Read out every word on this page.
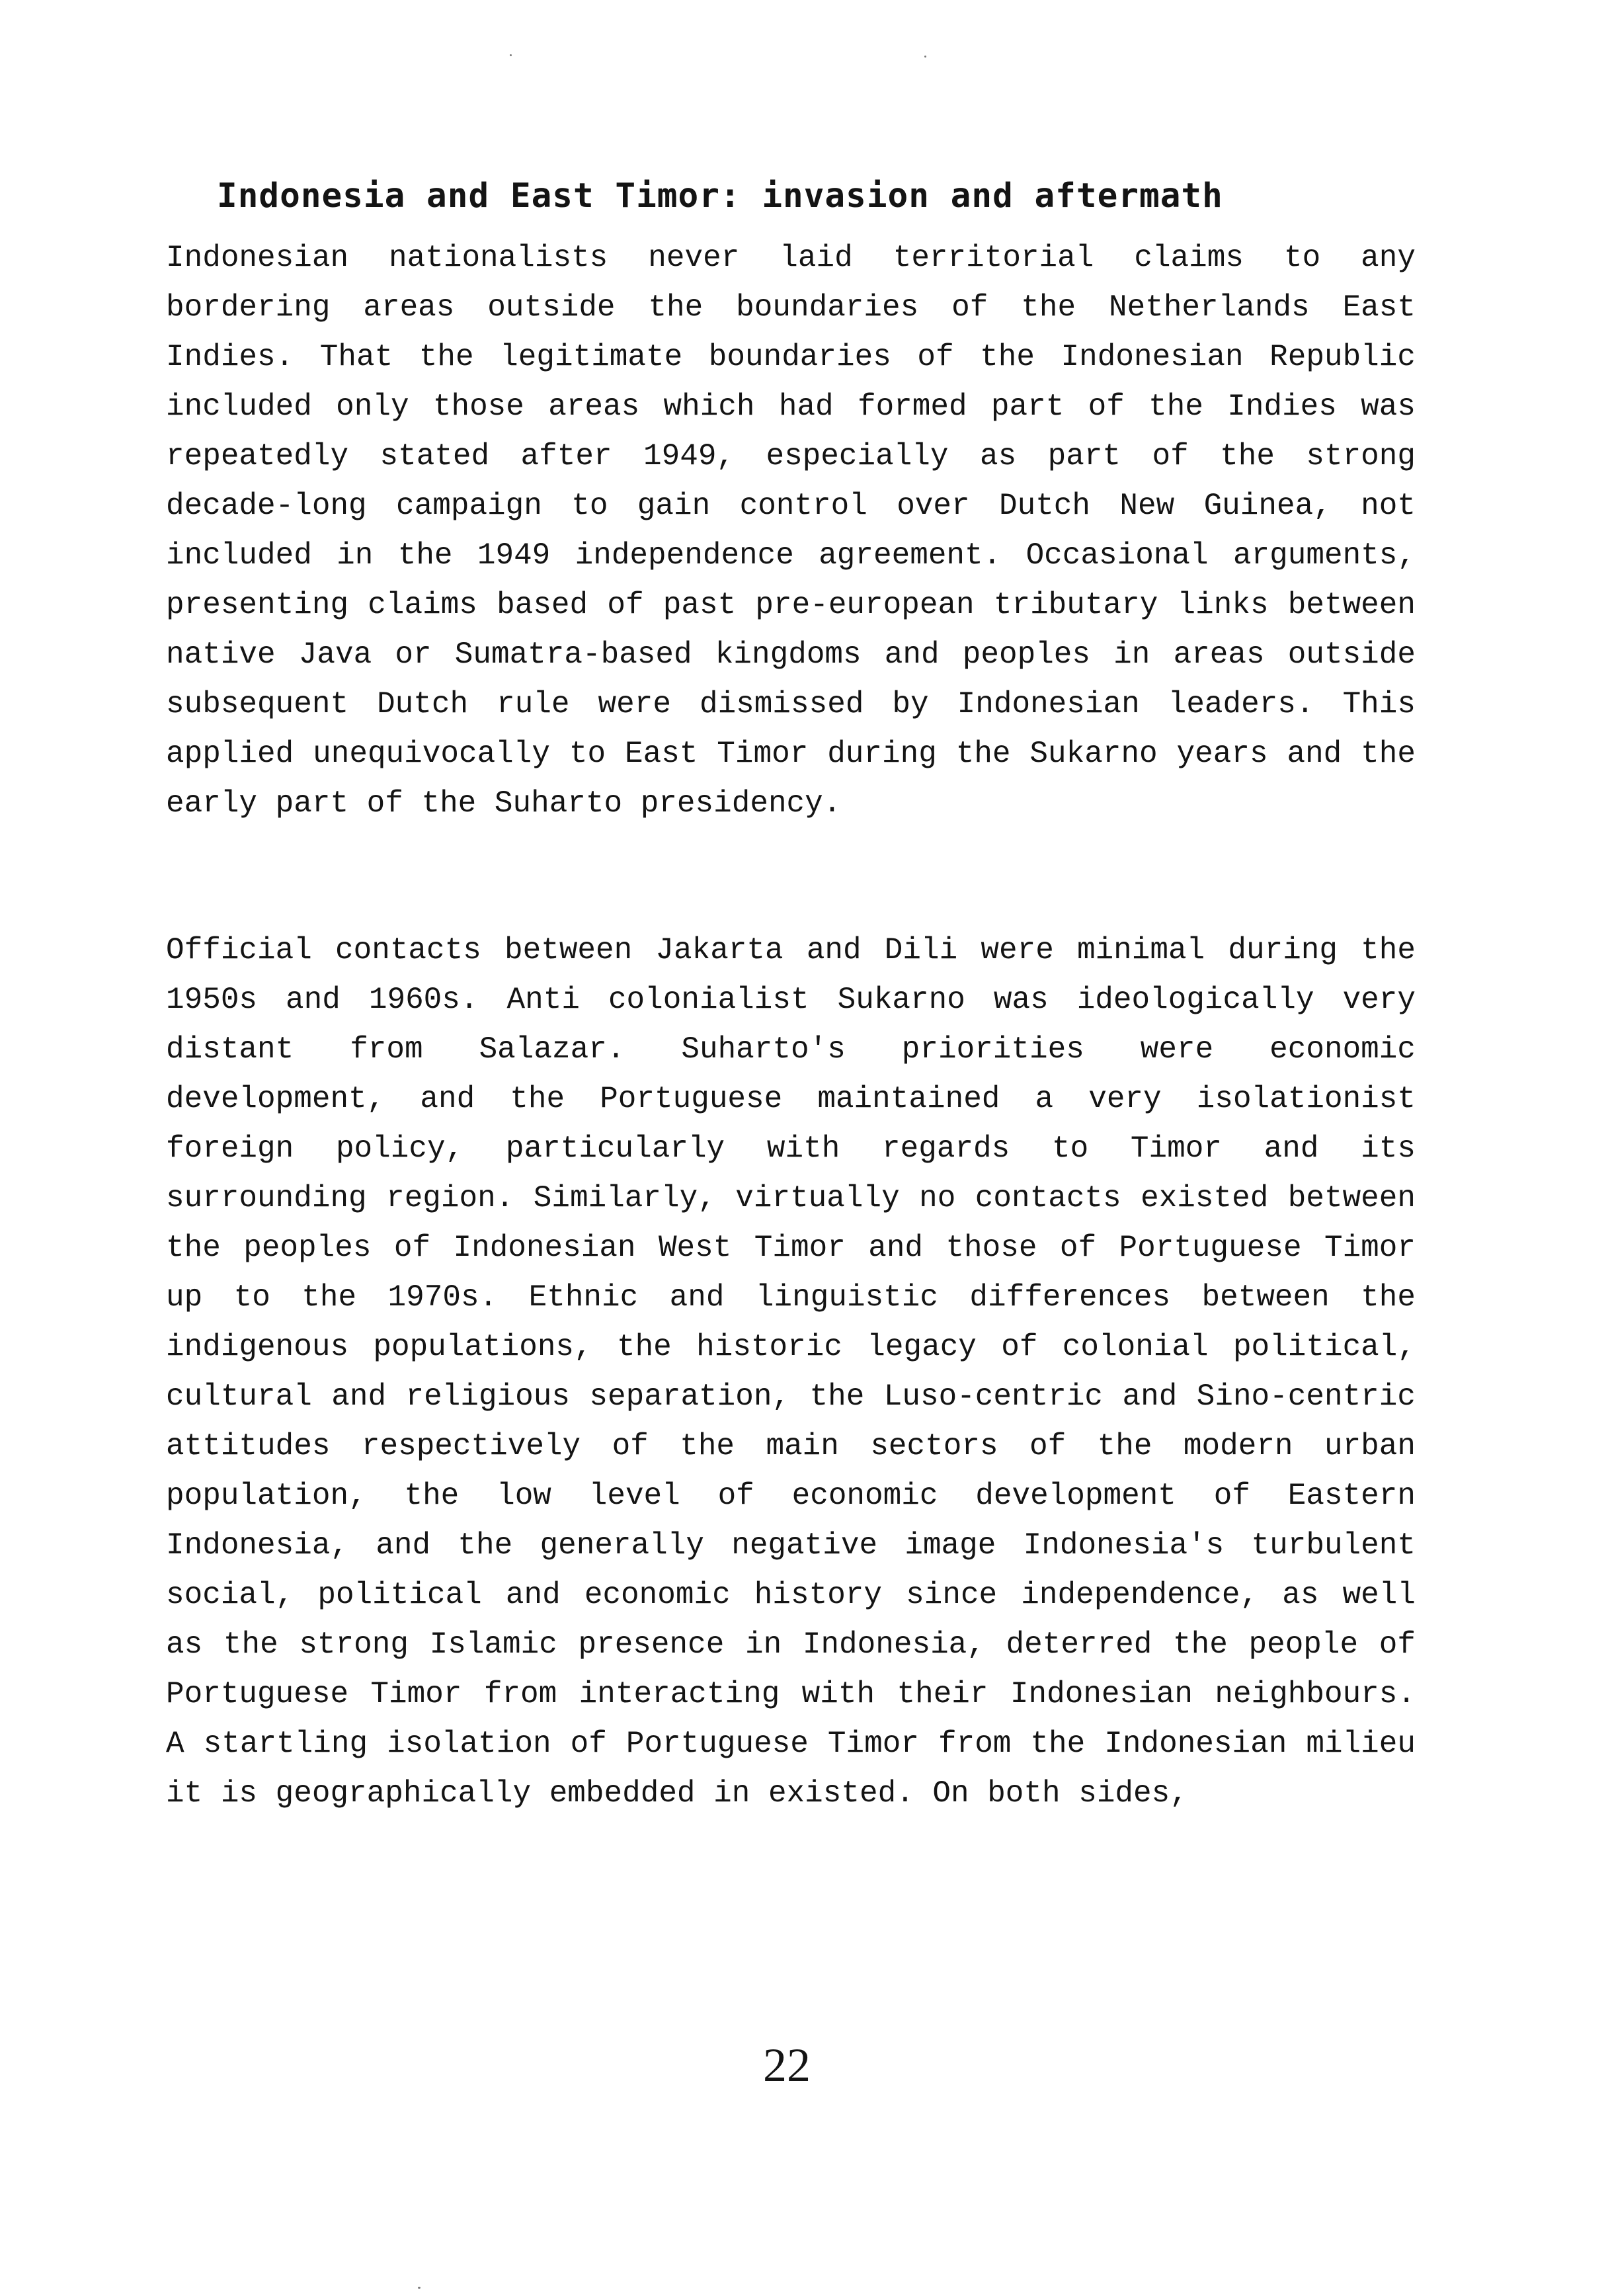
Indonesia and East Timor: invasion and aftermath

Indonesian nationalists never laid territorial claims to any bordering areas outside the boundaries of the Netherlands East Indies. That the legitimate boundaries of the Indonesian Republic included only those areas which had formed part of the Indies was repeatedly stated after 1949, especially as part of the strong decade-long campaign to gain control over Dutch New Guinea, not included in the 1949 independence agreement. Occasional arguments, presenting claims based of past pre-european tributary links between native Java or Sumatra-based kingdoms and peoples in areas outside subsequent Dutch rule were dismissed by Indonesian leaders. This applied unequivocally to East Timor during the Sukarno years and the early part of the Suharto presidency.

Official contacts between Jakarta and Dili were minimal during the 1950s and 1960s. Anti colonialist Sukarno was ideologically very distant from Salazar. Suharto's priorities were economic development, and the Portuguese maintained a very isolationist foreign policy, particularly with regards to Timor and its surrounding region. Similarly, virtually no contacts existed between the peoples of Indonesian West Timor and those of Portuguese Timor up to the 1970s. Ethnic and linguistic differences between the indigenous populations, the historic legacy of colonial political, cultural and religious separation, the Luso-centric and Sino-centric attitudes respectively of the main sectors of the modern urban population, the low level of economic development of Eastern Indonesia, and the generally negative image Indonesia's turbulent social, political and economic history since independence, as well as the strong Islamic presence in Indonesia, deterred the people of Portuguese Timor from interacting with their Indonesian neighbours. A startling isolation of Portuguese Timor from the Indonesian milieu it is geographically embedded in existed. On both sides,

22
